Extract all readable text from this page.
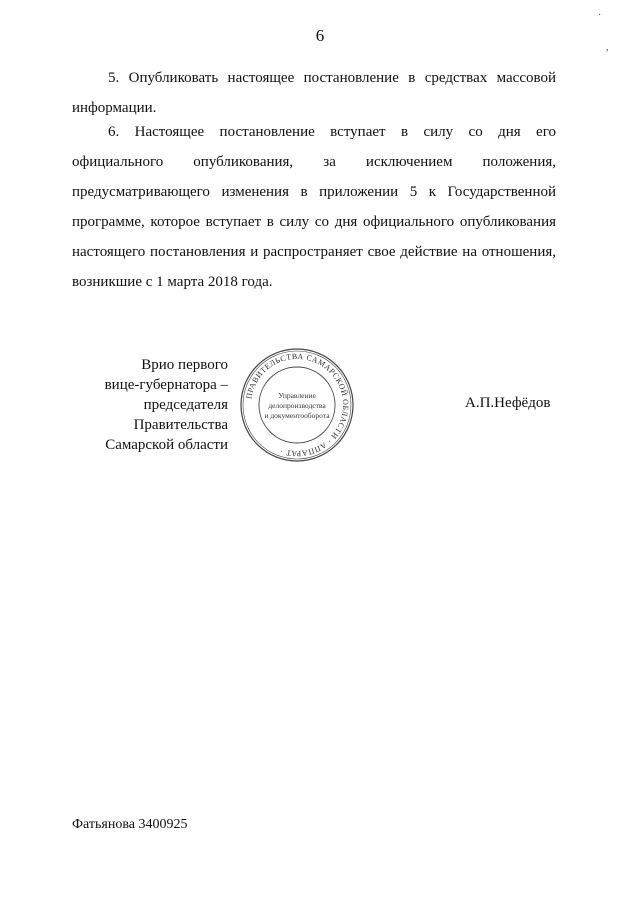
6
5. Опубликовать настоящее постановление в средствах массовой информации.
6. Настоящее постановление вступает в силу со дня его официального опубликования, за исключением положения, предусматривающего изменения в приложении 5 к Государственной программе, которое вступает в силу со дня официального опубликования настоящего постановления и распространяет свое действие на отношения, возникшие с 1 марта 2018 года.
Врио первого
вице-губернатора –
председателя Правительства
Самарской области
ПРАВИТЕЛЬСТВА САМАРСКОЙ ОБЛАСТИ · АППАРАТ ·
Управление
делопроизводства
и документооборота
А.П.Нефёдов
Фатьянова 3400925
·
,
